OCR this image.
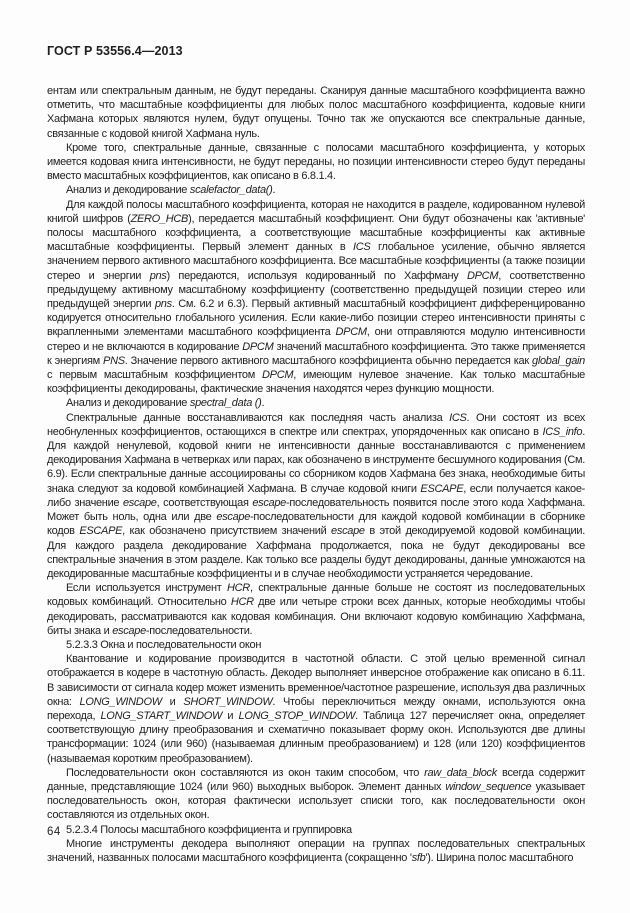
ГОСТ Р 53556.4—2013

ентам или спектральным данным, не будут переданы. Сканируя данные масштабного коэффициента важно отметить, что масштабные коэффициенты для любых полос масштабного коэффициента, кодовые книги Хафмана которых являются нулем, будут опущены. Точно так же опускаются все спектральные данные, связанные с кодовой книгой Хафмана нуль.

Кроме того, спектральные данные, связанные с полосами масштабного коэффициента, у которых имеется кодовая книга интенсивности, не будут переданы, но позиции интенсивности стерео будут переданы вместо масштабных коэффициентов, как описано в 6.8.1.4.

Анализ и декодирование scalefactor_data().

Для каждой полосы масштабного коэффициента, которая не находится в разделе, кодированном нулевой книгой шифров (ZERO_HCB), передается масштабный коэффициент. Они будут обозначены как 'активные' полосы масштабного коэффициента, а соответствующие масштабные коэффициенты как активные масштабные коэффициенты. Первый элемент данных в ICS глобальное усиление, обычно является значением первого активного масштабного коэффициента. Все масштабные коэффициенты (а также позиции стерео и энергии pns) передаются, используя кодированный по Хаффману DPCM, соответственно предыдущему активному масштабному коэффициенту (соответственно предыдущей позиции стерео или предыдущей энергии pns. См. 6.2 и 6.3). Первый активный масштабный коэффициент дифференцированно кодируется относительно глобального усиления. Если какие-либо позиции стерео интенсивности приняты с вкрапленными элементами масштабного коэффициента DPCM, они отправляются модулю интенсивности стерео и не включаются в кодирование DPCM значений масштабного коэффициента. Это также применяется к энергиям PNS. Значение первого активного масштабного коэффициента обычно передается как global_gain с первым масштабным коэффициентом DPCM, имеющим нулевое значение. Как только масштабные коэффициенты декодированы, фактические значения находятся через функцию мощности.

Анализ и декодирование spectral_data ().

Спектральные данные восстанавливаются как последняя часть анализа ICS. Они состоят из всех необнуленных коэффициентов, остающихся в спектре или спектрах, упорядоченных как описано в ICS_info. Для каждой ненулевой, кодовой книги не интенсивности данные восстанавливаются с применением декодирования Хафмана в четверках или парах, как обозначено в инструменте бесшумного кодирования (См. 6.9). Если спектральные данные ассоциированы со сборником кодов Хафмана без знака, необходимые биты знака следуют за кодовой комбинацией Хафмана. В случае кодовой книги ESCAPE, если получается какое-либо значение escape, соответствующая escape-последовательность появится после этого кода Хаффмана. Может быть ноль, одна или две escape-последовательности для каждой кодовой комбинации в сборнике кодов ESCAPE, как обозначено присутствием значений escape в этой декодируемой кодовой комбинации. Для каждого раздела декодирование Хаффмана продолжается, пока не будут декодированы все спектральные значения в этом разделе. Как только все разделы будут декодированы, данные умножаются на декодированные масштабные коэффициенты и в случае необходимости устраняется чередование.

Если используется инструмент HCR, спектральные данные больше не состоят из последовательных кодовых комбинаций. Относительно HCR две или четыре строки всех данных, которые необходимы чтобы декодировать, рассматриваются как кодовая комбинация. Они включают кодовую комбинацию Хаффмана, биты знака и escape-последовательности.

5.2.3.3 Окна и последовательности окон

Квантование и кодирование производится в частотной области. С этой целью временной сигнал отображается в кодере в частотную область. Декодер выполняет инверсное отображение как описано в 6.11. В зависимости от сигнала кодер может изменить временное/частотное разрешение, используя два различных окна: LONG_WINDOW и SHORT_WINDOW. Чтобы переключиться между окнами, используются окна перехода, LONG_START_WINDOW и LONG_STOP_WINDOW. Таблица 127 перечисляет окна, определяет соответствующую длину преобразования и схематично показывает форму окон. Используются две длины трансформации: 1024 (или 960) (называемая длинным преобразованием) и 128 (или 120) коэффициентов (называемая коротким преобразованием).

Последовательности окон составляются из окон таким способом, что raw_data_block всегда содержит данные, представляющие 1024 (или 960) выходных выборок. Элемент данных window_sequence указывает последовательность окон, которая фактически использует списки того, как последовательности окон составляются из отдельных окон.

5.2.3.4 Полосы масштабного коэффициента и группировка

Многие инструменты декодера выполняют операции на группах последовательных спектральных значений, названных полосами масштабного коэффициента (сокращенно 'sfb'). Ширина полос масштабного

64
